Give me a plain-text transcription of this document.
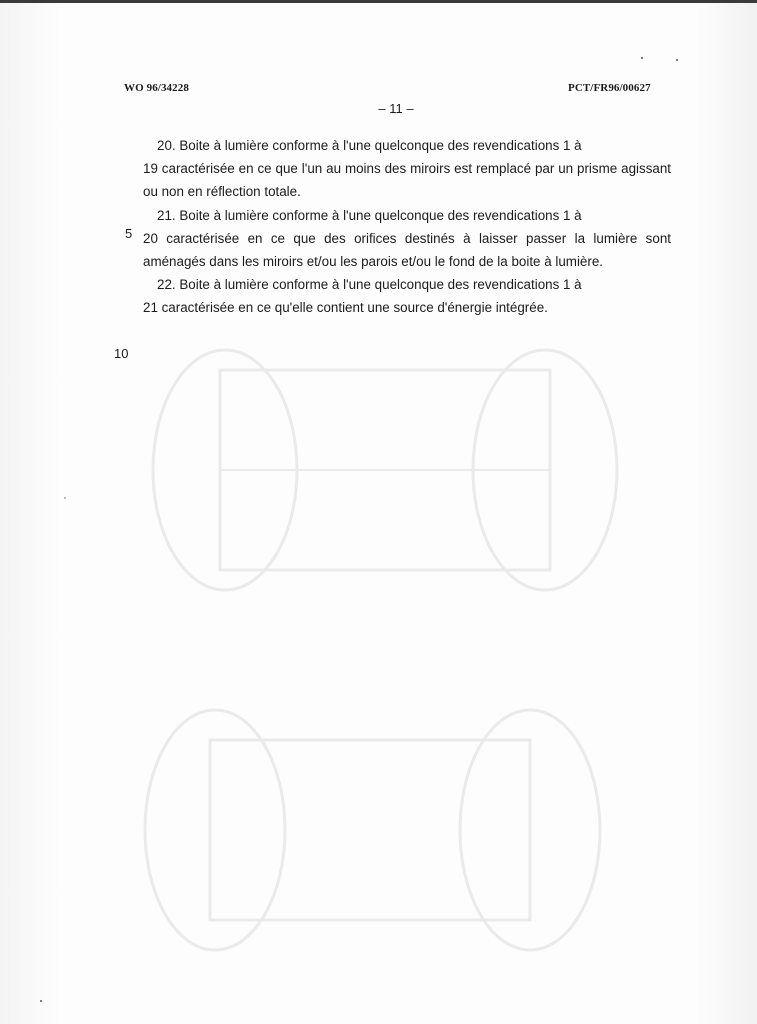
WO 96/34228	PCT/FR96/00627
– 11 –
5
10

20. Boite à lumière conforme à l'une quelconque des revendications 1 à
19 caractérisée en ce que l'un au moins des miroirs est remplacé par un prisme agissant ou non en réflection totale.

21. Boite à lumière conforme à l'une quelconque des revendications 1 à
20 caractérisée en ce que des orifices destinés à laisser passer la lumière sont aménagés dans les miroirs et/ou les parois et/ou le fond de la boite à lumière.

22. Boite à lumière conforme à l'une quelconque des revendications 1 à
21 caractérisée en ce qu'elle contient une source d'énergie intégrée.
